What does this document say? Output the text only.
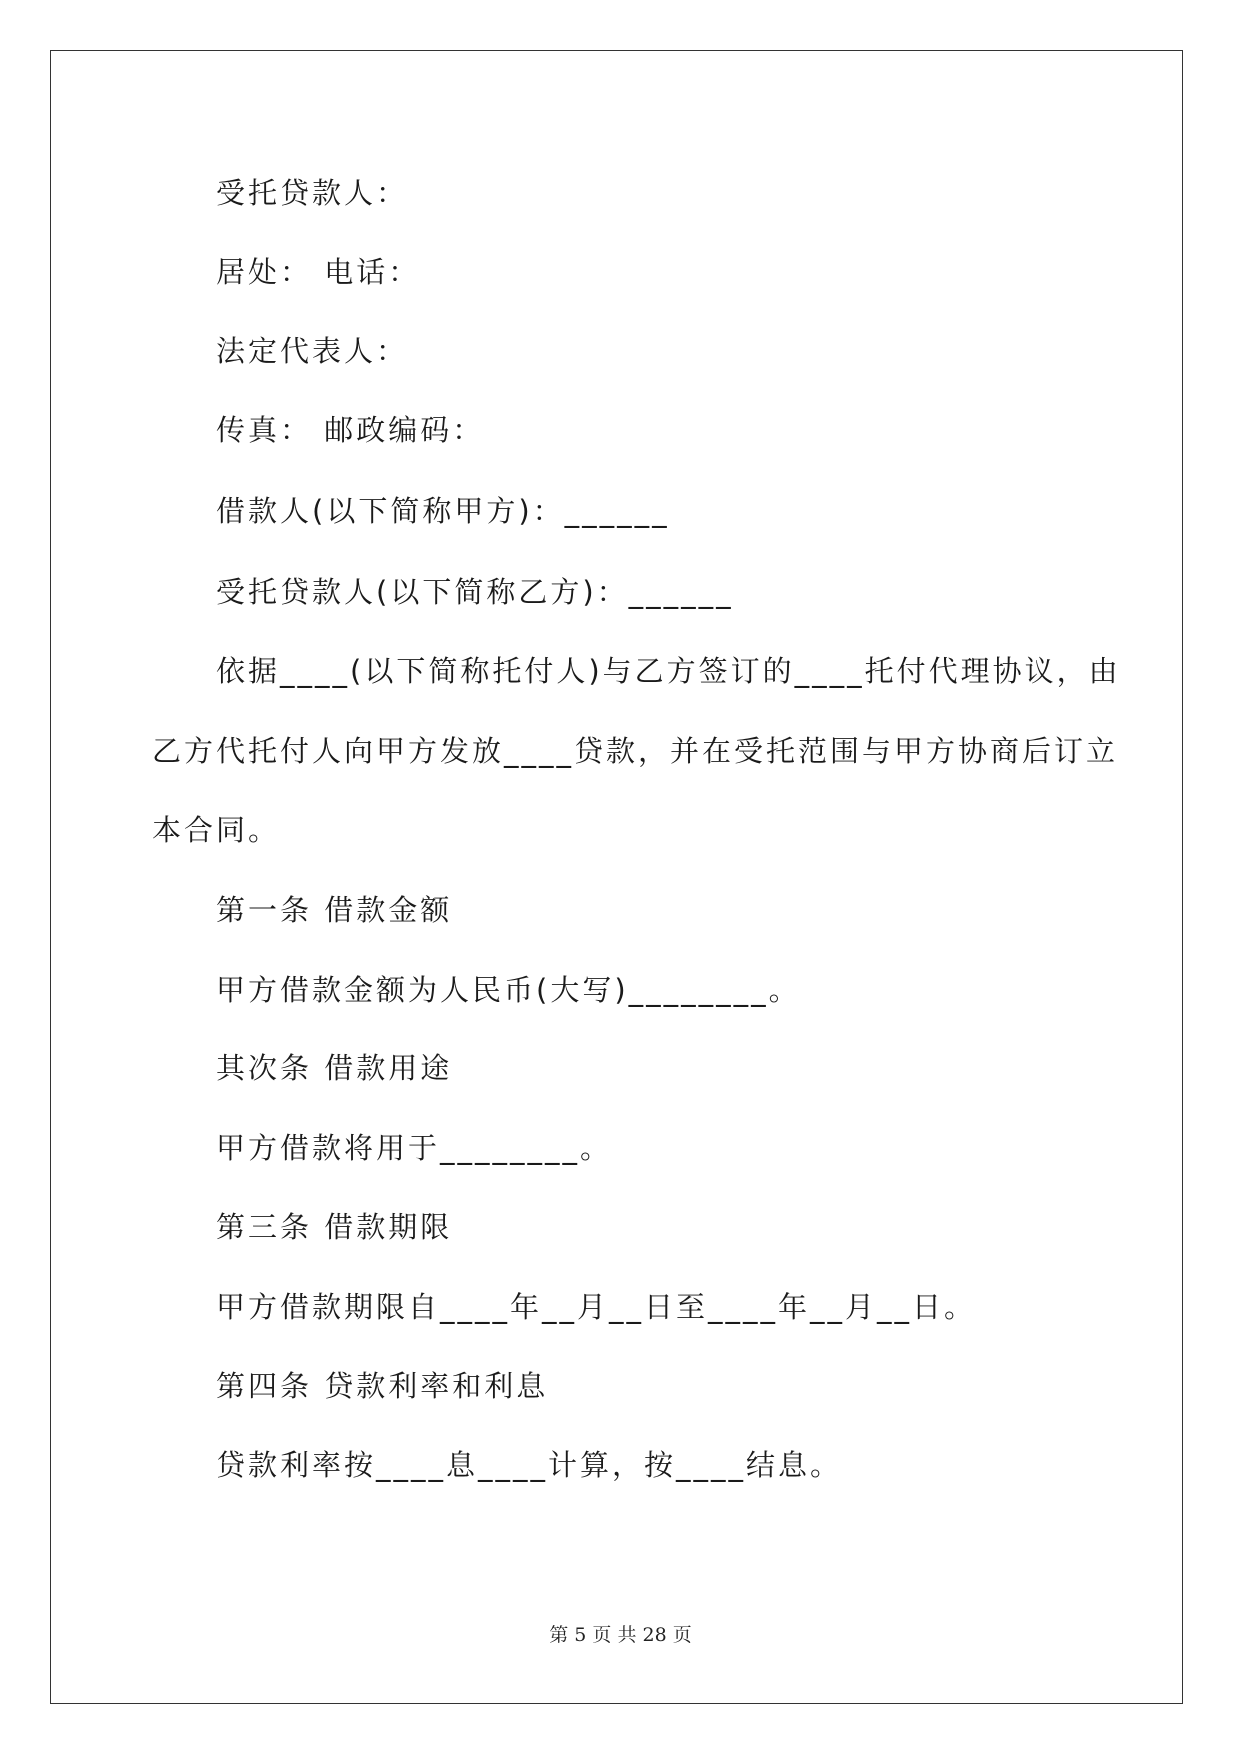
受托贷款人：
居处： 电话：
法定代表人：
传真： 邮政编码：
借款人(以下简称甲方)：______
受托贷款人(以下简称乙方)：______
依据____(以下简称托付人)与乙方签订的____托付代理协议，由
乙方代托付人向甲方发放____贷款，并在受托范围与甲方协商后订立
本合同。
第一条 借款金额
甲方借款金额为人民币(大写)________。
其次条 借款用途
甲方借款将用于________。
第三条 借款期限
甲方借款期限自____年__月__日至____年__月__日。
第四条 贷款利率和利息
贷款利率按____息____计算，按____结息。
第 5 页 共 28 页
